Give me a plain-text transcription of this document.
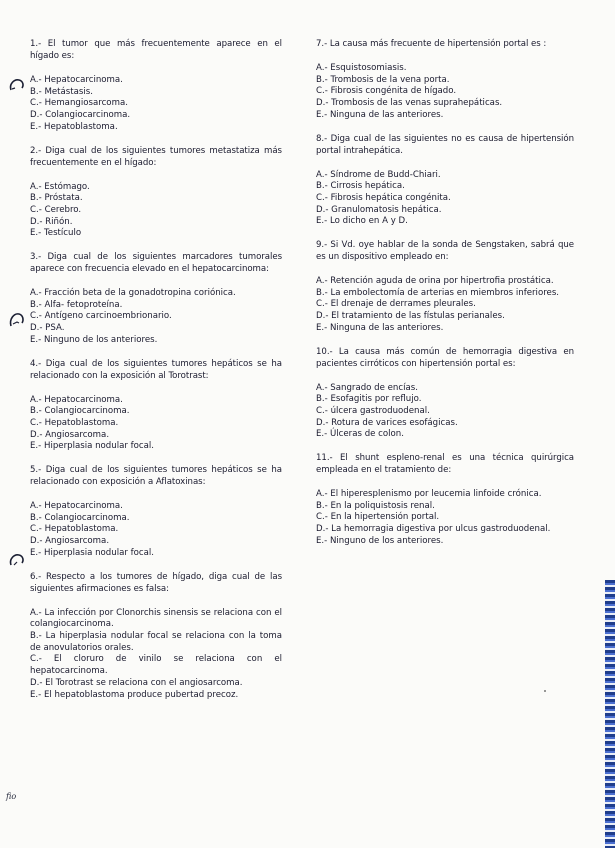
1.- El tumor que más frecuentemente aparece en el hígado es:

A.- Hepatocarcinoma.

B.- Metástasis.

C.- Hemangiosarcoma.

D.- Colangiocarcinoma.

E.- Hepatoblastoma.

2.- Diga cual de los siguientes tumores metastatiza más frecuentemente en el hígado:

A.- Estómago.

B.- Próstata.

C.- Cerebro.

D.- Riñón.

E.- Testículo

3.- Diga cual de los siguientes marcadores tumorales aparece con frecuencia elevado en el hepatocarcinoma:

A.- Fracción beta de la gonadotropina coriónica.

B.- Alfa- fetoproteína.

C.- Antígeno carcinoembrionario.

D.- PSA.

E.- Ninguno de los anteriores.

4.- Diga cual de los siguientes tumores hepáticos se ha relacionado con la exposición al Torotrast:

A.- Hepatocarcinoma.

B.- Colangiocarcinoma.

C.- Hepatoblastoma.

D.- Angiosarcoma.

E.- Hiperplasia nodular focal.

5.- Diga cual de los siguientes tumores hepáticos se ha relacionado con exposición a Aflatoxinas:

A.- Hepatocarcinoma.

B.- Colangiocarcinoma.

C.- Hepatoblastoma.

D.- Angiosarcoma.

E.- Hiperplasia nodular focal.

6.- Respecto a los tumores de hígado, diga cual de las siguientes afirmaciones es falsa:

A.- La infección por Clonorchis sinensis se relaciona con el colangiocarcinoma.

B.- La hiperplasia nodular focal se relaciona con la toma de anovulatorios orales.

C.- El cloruro de vinilo se relaciona con el hepatocarcinoma.

D.- El Torotrast se relaciona con el angiosarcoma.

E.- El hepatoblastoma produce pubertad precoz.

7.- La causa más frecuente de hipertensión portal es :

A.- Esquistosomiasis.

B.- Trombosis de la vena porta.

C.- Fibrosis congénita de hígado.

D.- Trombosis de las venas suprahepáticas.

E.- Ninguna de las anteriores.

8.- Diga cual de las siguientes no es causa de hipertensión portal intrahepática.

A.- Síndrome de Budd-Chiari.

B.- Cirrosis hepática.

C.- Fibrosis hepática congénita.

D.- Granulomatosis hepática.

E.- Lo dicho en A y D.

9.- Si Vd. oye hablar de la sonda de Sengstaken, sabrá que es un dispositivo empleado en:

A.- Retención aguda de orina por hipertrofia prostática.

B.- La embolectomía de arterias en miembros inferiores.

C.- El drenaje de derrames pleurales.

D.- El tratamiento de las fístulas perianales.

E.- Ninguna de las anteriores.

10.- La causa más común de hemorragia digestiva en pacientes cirróticos con hipertensión portal es:

A.- Sangrado de encías.

B.- Esofagitis por reflujo.

C.- úlcera gastroduodenal.

D.- Rotura de varices esofágicas.

E.- Úlceras de colon.

11.- El shunt espleno-renal es una técnica quirúrgica empleada en el tratamiento de:

A.- El hiperesplenismo por leucemia linfoide crónica.

B.- En la poliquistosis renal.

C.- En la hipertensión portal.

D.- La hemorragia digestiva por ulcus gastroduodenal.

E.- Ninguno de los anteriores.

fio
